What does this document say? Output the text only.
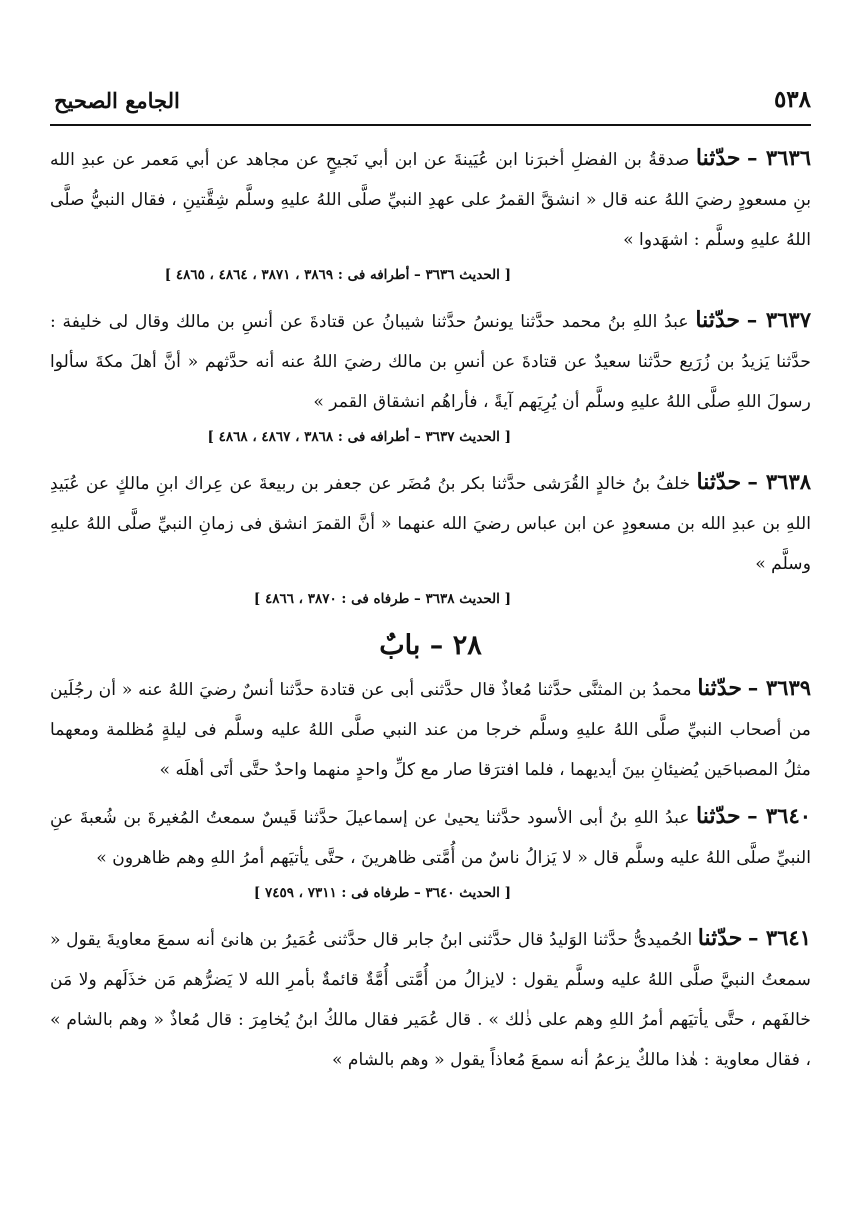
٥٣٨
الجامع الصحيح

٣٦٣٦ – حدّثنا صدقةُ بن الفضلِ أخبرَنا ابن عُيَينةَ عن ابن أبي نَجيحٍ عن مجاهد عن أبي مَعمر عن عبدِ الله بنِ مسعودٍ رضيَ اللهُ عنه قال « انشقَّ القمرُ على عهدِ النبيِّ صلَّى اللهُ عليهِ وسلَّم شِقَّتينِ ، فقال النبيُّ صلَّى اللهُ عليهِ وسلَّم : اشهَدوا »

[ الحديث ٣٦٣٦ – أطرافه فى : ٣٨٦٩ ، ٣٨٧١ ، ٤٨٦٤ ، ٤٨٦٥ ]

٣٦٣٧ – حدّثنا عبدُ اللهِ بنُ محمد حدَّثنا يونسُ حدَّثنا شيبانُ عن قتادةَ عن أنسِ بن مالك وقال لى خليفة : حدَّثنا يَزيدُ بن زُرَيع حدَّثنا سعيدٌ عن قتادةَ عن أنسِ بن مالك رضيَ اللهُ عنه أنه حدَّثهم « أنَّ أهلَ مكةَ سألوا رسولَ اللهِ صلَّى اللهُ عليهِ وسلَّم أن يُرِيَهم آيةً ، فأراهُم انشقاق القمر »

[ الحديث ٣٦٣٧ – أطرافه فى : ٣٨٦٨ ، ٤٨٦٧ ، ٤٨٦٨ ]

٣٦٣٨ – حدّثنا خلفُ بنُ خالدٍ القُرَشى حدَّثنا بكر بنُ مُضَر عن جعفر بن ربيعةَ عن عِراك ابنِ مالكٍ عن عُبَيدِ اللهِ بن عبدِ الله بن مسعودٍ عن ابن عباس رضيَ الله عنهما « أنَّ القمرَ انشق فى زمانِ النبيِّ صلَّى اللهُ عليهِ وسلَّم »

[ الحديث ٣٦٣٨ – طرفاه فى : ٣٨٧٠ ، ٤٨٦٦ ]
٢٨ – بابٌ

٣٦٣٩ – حدّثنا محمدُ بن المثنَّى حدَّثنا مُعاذٌ قال حدَّثنى أبى عن قتادة حدَّثنا أنسٌ رضيَ اللهُ عنه « أن رجُلَين من أصحاب النبيِّ صلَّى اللهُ عليهِ وسلَّم خرجا من عند النبي صلَّى اللهُ عليه وسلَّم فى ليلةٍ مُظلمة ومعهما مثلُ المصباحَين يُضيئانِ بينَ أيديهما ، فلما افترَقا صار مع كلِّ واحدٍ منهما واحدٌ حتَّى أتَى أهلَه »

٣٦٤٠ – حدّثنا عبدُ اللهِ بنُ أبى الأسود حدَّثنا يحيىٰ عن إسماعيلَ حدَّثنا قَيسٌ سمعتُ المُغيرةَ بن شُعبةَ عنِ النبيِّ صلَّى اللهُ عليه وسلَّم قال « لا يَزالُ ناسٌ من أُمَّتى ظاهرينَ ، حتَّى يأتيَهم أمرُ اللهِ وهم ظاهرون »

[ الحديث ٣٦٤٠ – طرفاه فى : ٧٣١١ ، ٧٤٥٩ ]

٣٦٤١ – حدّثنا الحُميدىُّ حدَّثنا الوَليدُ قال حدَّثنى ابنُ جابر قال حدَّثنى عُمَيرُ بن هانئ أنه سمعَ معاويةَ يقول « سمعتُ النبيَّ صلَّى اللهُ عليه وسلَّم يقول : لايزالُ من أُمَّتى أُمَّةٌ قائمةٌ بأمرِ الله لا يَضرُّهم مَن خذَلَهم ولا مَن خالفَهم ، حتَّى يأتيَهم أمرُ اللهِ وهم على ذٰلك » . قال عُمَير فقال مالكُ ابنُ يُخامِرَ : قال مُعاذٌ « وهم بالشام » ، فقال معاوية : هٰذا مالكٌ يزعمُ أنه سمعَ مُعاذاً يقول « وهم بالشام »
